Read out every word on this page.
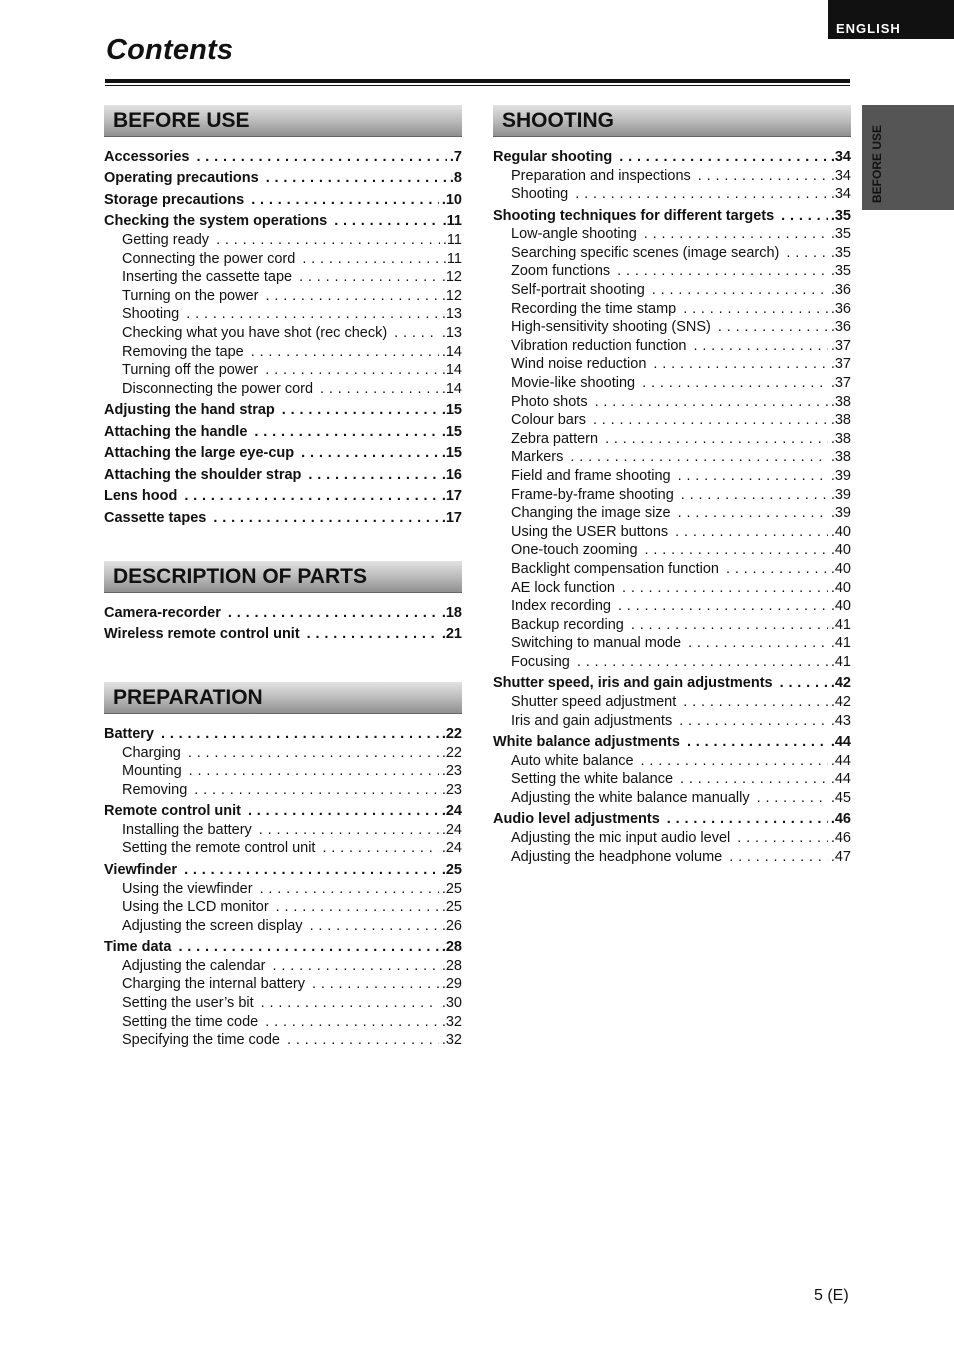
ENGLISH
Contents
BEFORE USE
BEFORE USE
Accessories . . .	.7
Operating precautions . . .	.8
Storage precautions . . .	.10
Checking the system operations . . .	.11
Getting ready . . .	.11
Connecting the power cord . . .	.11
Inserting the cassette tape . . .	.12
Turning on the power . . .	.12
Shooting . . .	.13
Checking what you have shot (rec check) . . .	.13
Removing the tape . . .	.14
Turning off the power . . .	.14
Disconnecting the power cord . . .	.14
Adjusting the hand strap . . .	.15
Attaching the handle . . .	.15
Attaching the large eye-cup . . .	.15
Attaching the shoulder strap . . .	.16
Lens hood . . .	.17
Cassette tapes . . .	.17
DESCRIPTION OF PARTS
Camera-recorder . . .	.18
Wireless remote control unit . . .	.21
PREPARATION
Battery . . .	.22
Charging . . .	.22
Mounting . . .	.23
Removing . . .	.23
Remote control unit . . .	.24
Installing the battery . . .	.24
Setting the remote control unit . . .	.24
Viewfinder . . .	.25
Using the viewfinder . . .	.25
Using the LCD monitor . . .	.25
Adjusting the screen display . . .	.26
Time data . . .	.28
Adjusting the calendar . . .	.28
Charging the internal battery . . .	.29
Setting the user’s bit . . .	.30
Setting the time code . . .	.32
Specifying the time code . . .	.32
SHOOTING
Regular shooting . . .	.34
Preparation and inspections . . .	.34
Shooting . . .	.34
Shooting techniques for different targets . . .	.35
Low-angle shooting . . .	.35
Searching specific scenes (image search) . . .	.35
Zoom functions . . .	.35
Self-portrait shooting . . .	.36
Recording the time stamp . . .	.36
High-sensitivity shooting (SNS) . . .	.36
Vibration reduction function . . .	.37
Wind noise reduction . . .	.37
Movie-like shooting . . .	.37
Photo shots . . .	.38
Colour bars . . .	.38
Zebra pattern . . .	.38
Markers . . .	.38
Field and frame shooting . . .	.39
Frame-by-frame shooting . . .	.39
Changing the image size . . .	.39
Using the USER buttons . . .	.40
One-touch zooming . . .	.40
Backlight compensation function . . .	.40
AE lock function . . .	.40
Index recording . . .	.40
Backup recording . . .	.41
Switching to manual mode . . .	.41
Focusing . . .	.41
Shutter speed, iris and gain adjustments . . .	.42
Shutter speed adjustment . . .	.42
Iris and gain adjustments . . .	.43
White balance adjustments . . .	.44
Auto white balance . . .	.44
Setting the white balance . . .	.44
Adjusting the white balance manually . . .	.45
Audio level adjustments . . .	.46
Adjusting the mic input audio level . . .	.46
Adjusting the headphone volume . . .	.47
5 (E)
